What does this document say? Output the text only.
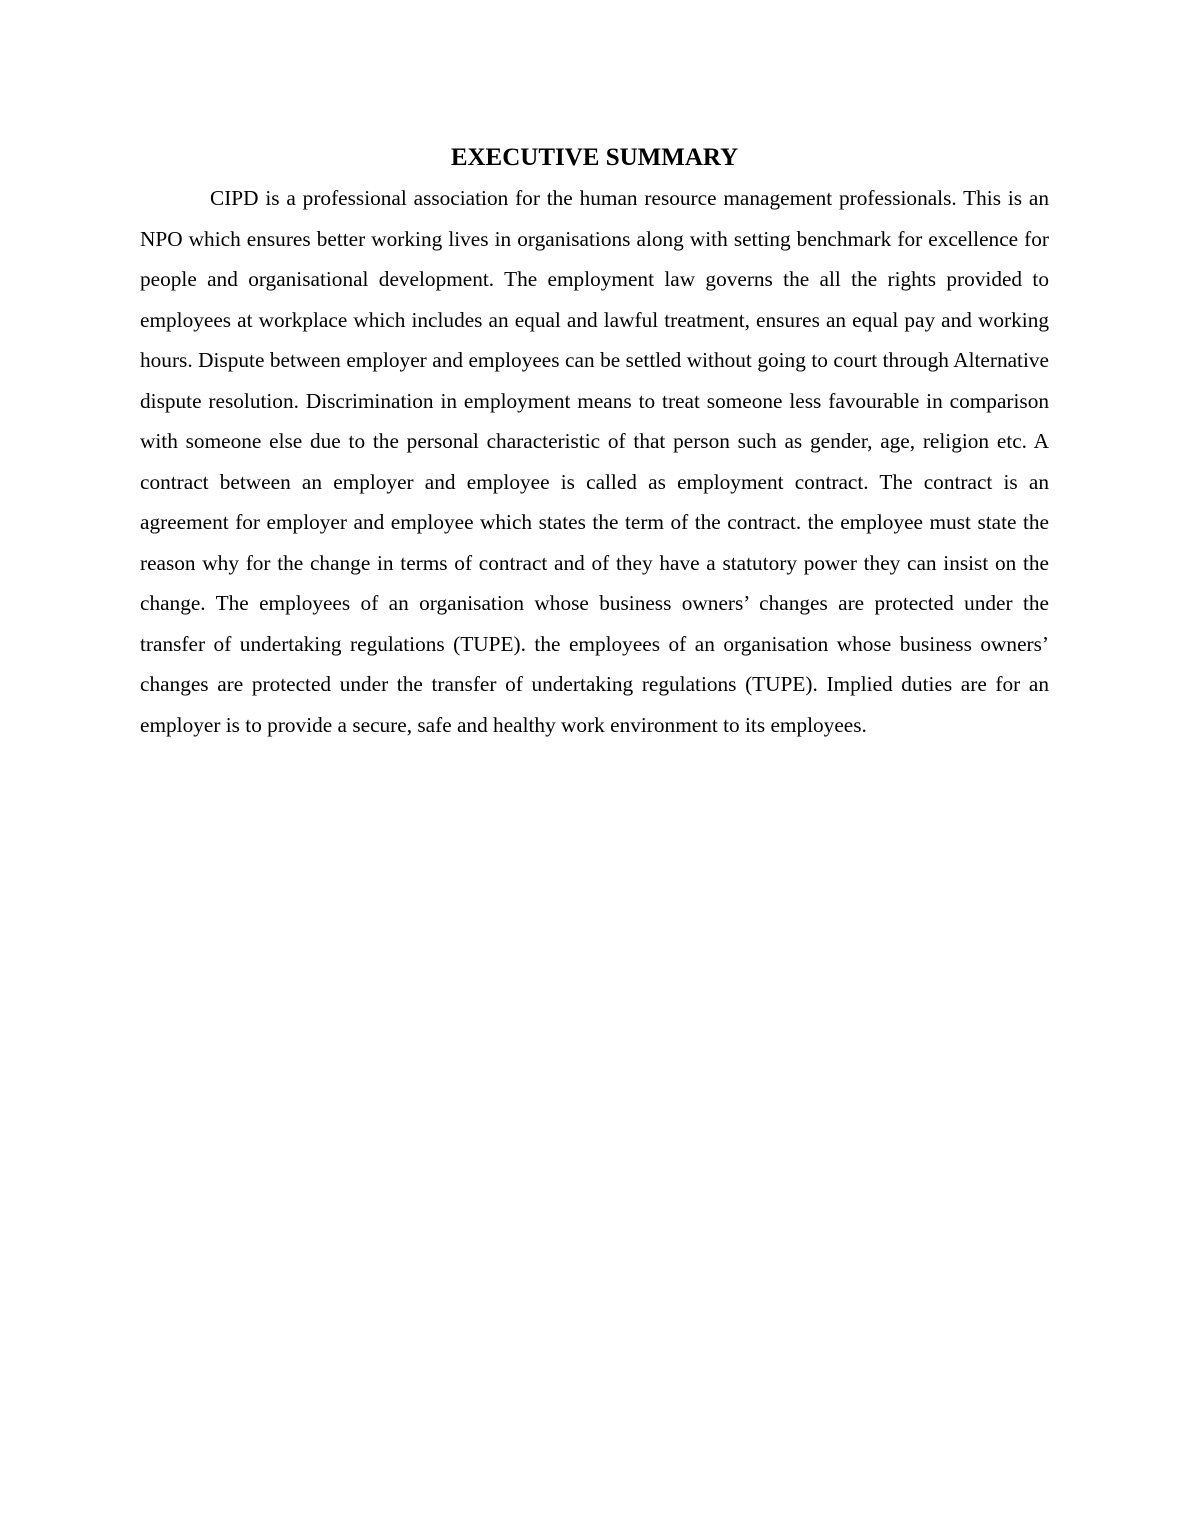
EXECUTIVE SUMMARY

CIPD is a professional association for the human resource management professionals. This is an NPO which ensures better working lives in organisations along with setting benchmark for excellence for people and organisational development. The employment law governs the all the rights provided to employees at workplace which includes an equal and lawful treatment, ensures an equal pay and working hours. Dispute between employer and employees can be settled without going to court through Alternative dispute resolution. Discrimination in employment means to treat someone less favourable in comparison with someone else due to the personal characteristic of that person such as gender, age, religion etc. A contract between an employer and employee is called as employment contract. The contract is an agreement for employer and employee which states the term of the contract. the employee must state the reason why for the change in terms of contract and of they have a statutory power they can insist on the change. The employees of an organisation whose business owners’ changes are protected under the transfer of undertaking regulations (TUPE). the employees of an organisation whose business owners’ changes are protected under the transfer of undertaking regulations (TUPE). Implied duties are for an employer is to provide a secure, safe and healthy work environment to its employees.
